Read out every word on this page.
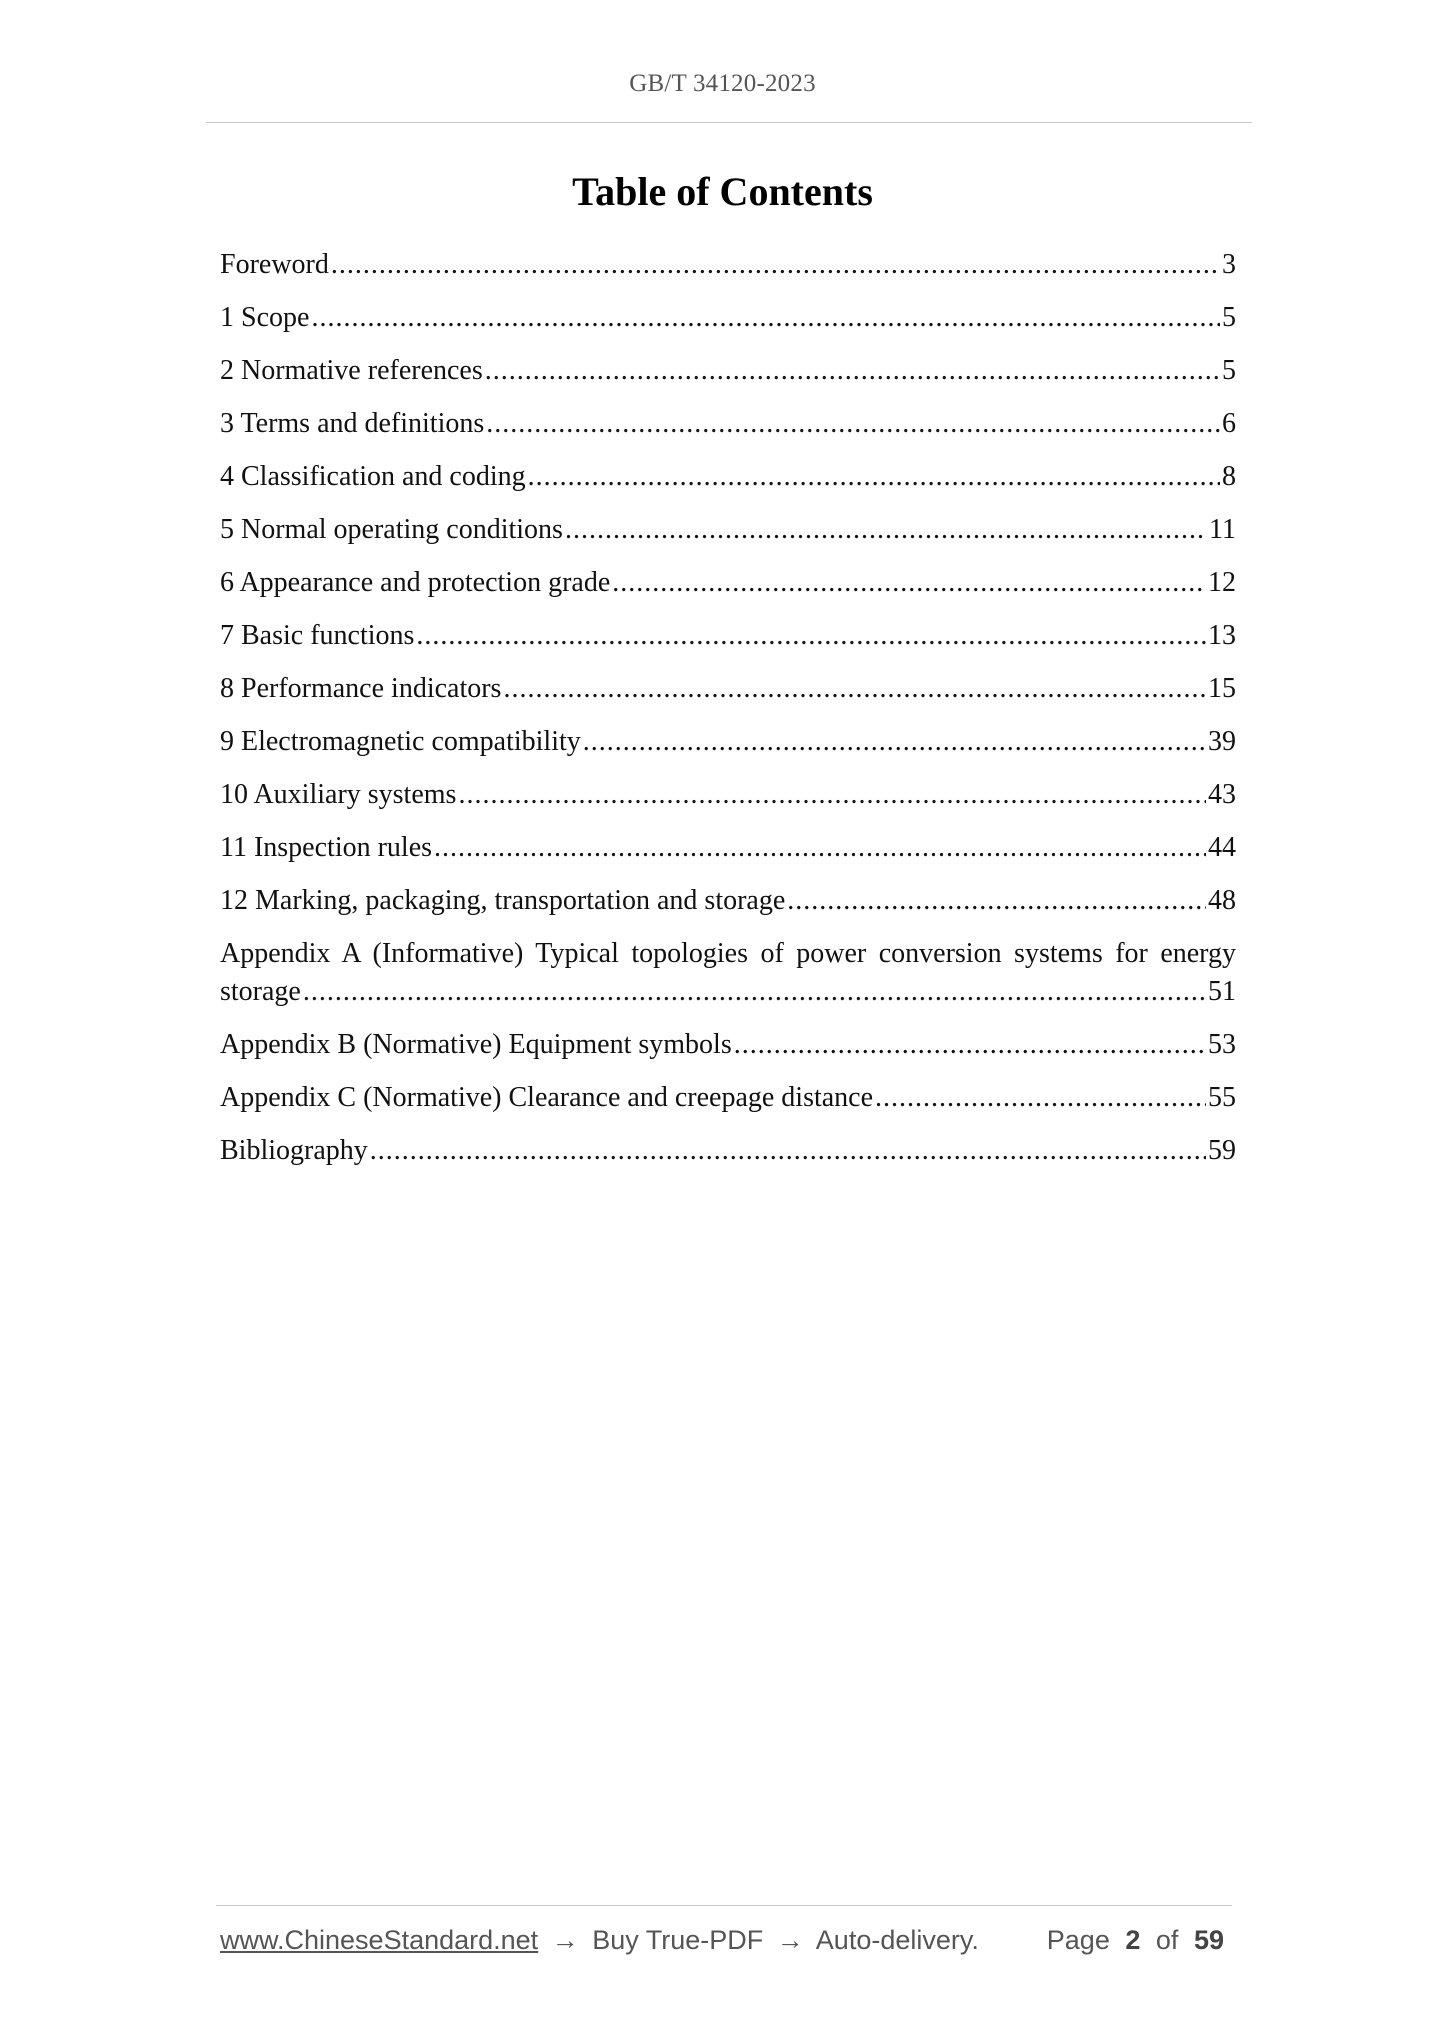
GB/T 34120-2023
Table of Contents
Foreword .....	3
1 Scope .....	5
2 Normative references .....	5
3 Terms and definitions .....	6
4 Classification and coding .....	8
5 Normal operating conditions .....	11
6 Appearance and protection grade .....	12
7 Basic functions .....	13
8 Performance indicators .....	15
9 Electromagnetic compatibility .....	39
10 Auxiliary systems .....	43
11 Inspection rules .....	44
12 Marking, packaging, transportation and storage .....	48
Appendix A (Informative) Typical topologies of power conversion systems for energy
storage .....	51
Appendix B (Normative) Equipment symbols .....	53
Appendix C (Normative) Clearance and creepage distance .....	55
Bibliography .....	59
www.ChineseStandard.net → Buy True-PDF → Auto-delivery.	Page 2 of 59
